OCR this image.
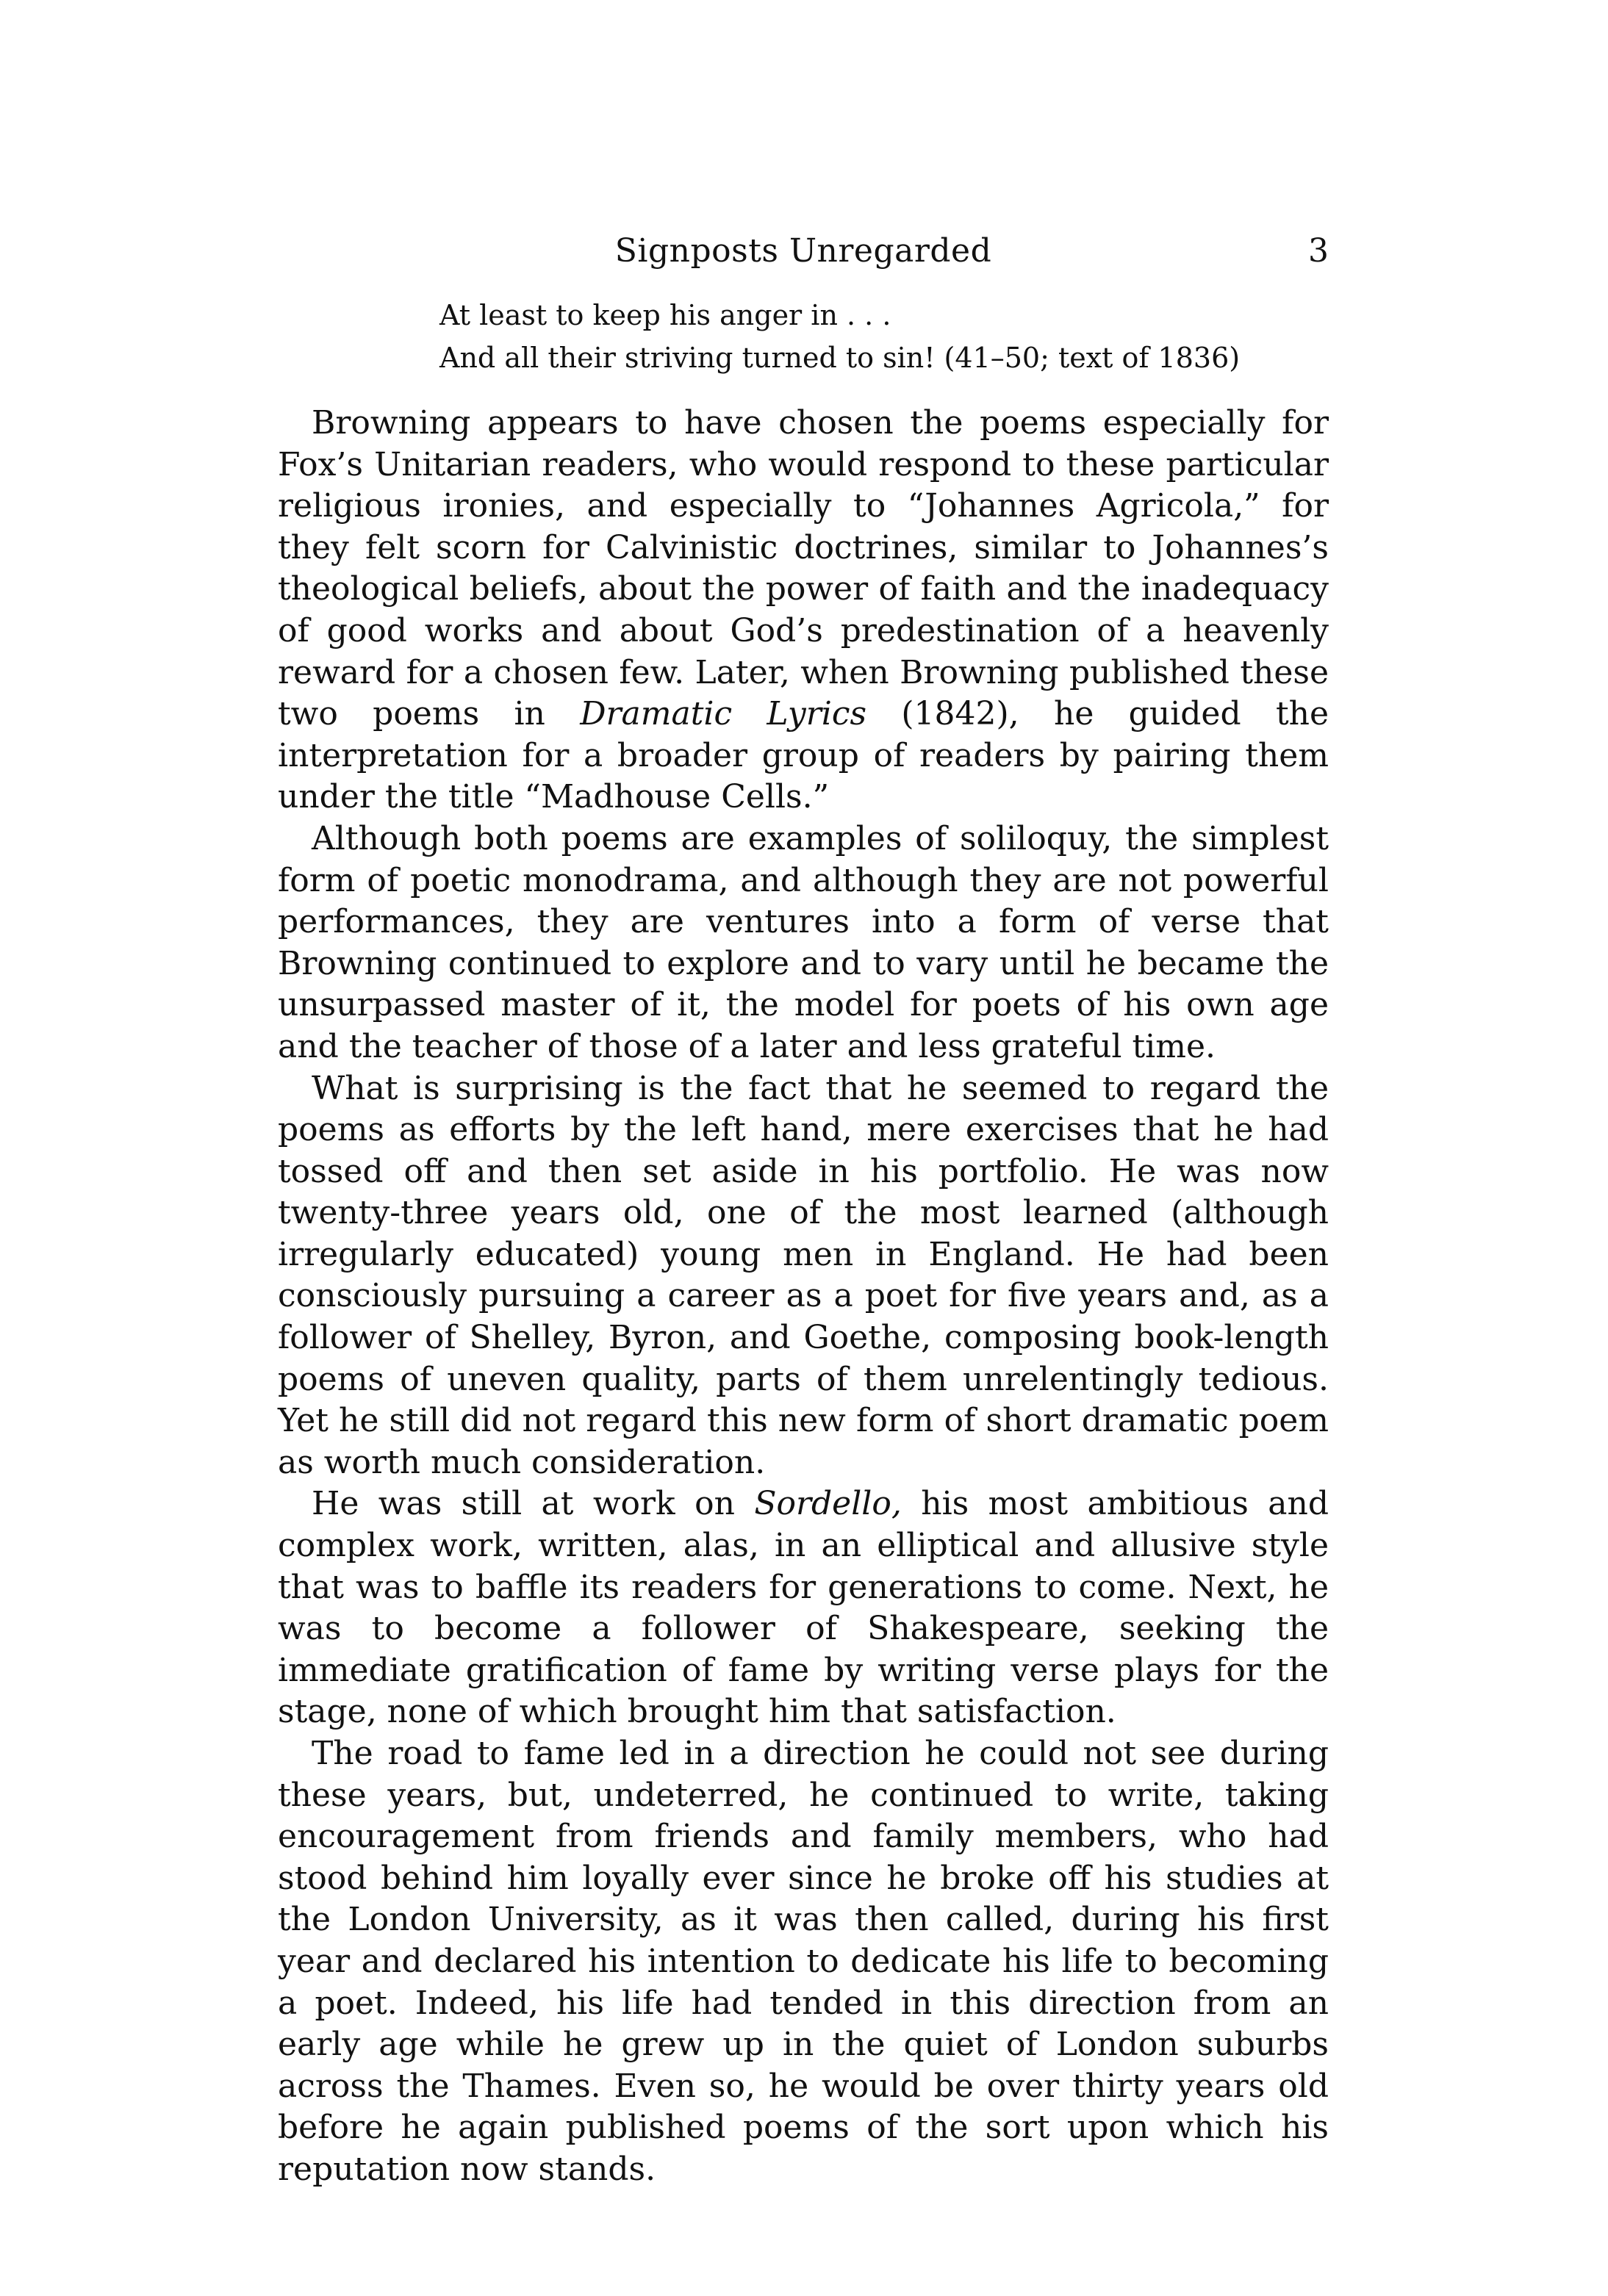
Signposts Unregarded	3
At least to keep his anger in . . .
And all their striving turned to sin! (41–50; text of 1836)

Browning appears to have chosen the poems especially for Fox’s Unitarian readers, who would respond to these particular religious ironies, and especially to “Johannes Agricola,” for they felt scorn for Calvinistic doctrines, similar to Johannes’s theological beliefs, about the power of faith and the inadequacy of good works and about God’s predestination of a heavenly reward for a chosen few. Later, when Browning published these two poems in Dramatic Lyrics (1842), he guided the interpretation for a broader group of readers by pairing them under the title “Madhouse Cells.”

Although both poems are examples of soliloquy, the simplest form of poetic monodrama, and although they are not powerful performances, they are ventures into a form of verse that Browning continued to explore and to vary until he became the unsurpassed master of it, the model for poets of his own age and the teacher of those of a later and less grateful time.

What is surprising is the fact that he seemed to regard the poems as efforts by the left hand, mere exercises that he had tossed off and then set aside in his portfolio. He was now twenty-three years old, one of the most learned (although irregularly educated) young men in England. He had been consciously pursuing a career as a poet for five years and, as a follower of Shelley, Byron, and Goethe, composing book-length poems of uneven quality, parts of them unrelentingly tedious. Yet he still did not regard this new form of short dramatic poem as worth much consideration.

He was still at work on Sordello, his most ambitious and complex work, written, alas, in an elliptical and allusive style that was to baffle its readers for generations to come. Next, he was to become a follower of Shakespeare, seeking the immediate gratification of fame by writing verse plays for the stage, none of which brought him that satisfaction.

The road to fame led in a direction he could not see during these years, but, undeterred, he continued to write, taking encouragement from friends and family members, who had stood behind him loyally ever since he broke off his studies at the London University, as it was then called, during his first year and declared his intention to dedicate his life to becoming a poet. Indeed, his life had tended in this direction from an early age while he grew up in the quiet of London suburbs across the Thames. Even so, he would be over thirty years old before he again published poems of the sort upon which his reputation now stands.
